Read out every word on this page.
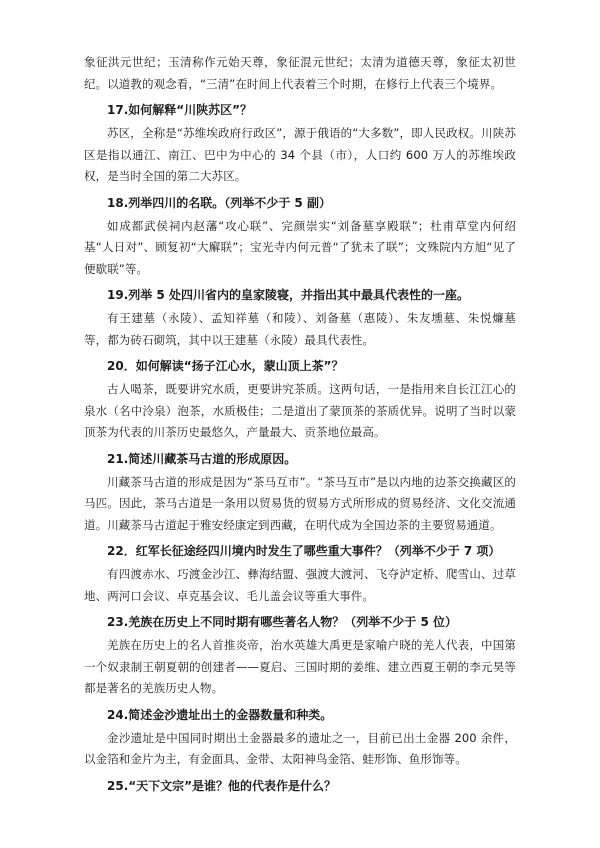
象征洪元世纪；玉清称作元始天尊，象征混元世纪；太清为道德天尊，象征太初世纪。以道教的观念看，“三清”在时间上代表着三个时期，在修行上代表三个境界。

17.如何解释“川陕苏区”？

苏区，全称是“苏维埃政府行政区”，源于俄语的“大多数”，即人民政权。川陕苏区是指以通江、南江、巴中为中心的 34 个县（市），人口约 600 万人的苏维埃政权，是当时全国的第二大苏区。

18.列举四川的名联。（列举不少于 5 副）

如成都武侯祠内赵藩“攻心联”、完颜崇实“刘备墓享殿联”；杜甫草堂内何绍基“人日对”、顾复初“大廨联”；宝光寺内何元普“了犹未了联”；文殊院内方旭“见了便歇联”等。

19.列举 5 处四川省内的皇家陵寝，并指出其中最具代表性的一座。

有王建墓（永陵）、孟知祥墓（和陵）、刘备墓（惠陵）、朱友壎墓、朱悦燫墓等，都为砖石砌筑，其中以王建墓（永陵）最具代表性。

20．如何解读“扬子江心水，蒙山顶上茶”？

古人喝茶，既要讲究水质，更要讲究茶质。这两句话，一是指用来自长江江心的泉水（名中泠泉）泡茶，水质极佳；二是道出了蒙顶茶的茶质优异。说明了当时以蒙顶茶为代表的川茶历史最悠久，产量最大、贡茶地位最高。

21.简述川藏茶马古道的形成原因。

川藏茶马古道的形成是因为“茶马互市”。“茶马互市”是以内地的边茶交换藏区的马匹。因此，茶马古道是一条用以贸易货的贸易方式所形成的贸易经济、文化交流通道。川藏茶马古道起于雅安经康定到西藏，在明代成为全国边茶的主要贸易通道。

22．红军长征途经四川境内时发生了哪些重大事件？（列举不少于 7 项）

有四渡赤水、巧渡金沙江、彝海结盟、强渡大渡河、飞夺泸定桥、爬雪山、过草地、两河口会议、卓克基会议、毛儿盖会议等重大事件。

23.羌族在历史上不同时期有哪些著名人物？（列举不少于 5 位）

羌族在历史上的名人首推炎帝，治水英雄大禹更是家喻户晓的羌人代表，中国第一个奴隶制王朝夏朝的创建者——夏启、三国时期的姜维、建立西夏王朝的李元昊等都是著名的羌族历史人物。

24.简述金沙遗址出土的金器数量和种类。

金沙遗址是中国同时期出土金器最多的遗址之一，目前已出土金器 200 余件，以金箔和金片为主，有金面具、金带、太阳神鸟金箔、蛙形饰、鱼形饰等。

25.“天下文宗”是谁？他的代表作是什么？
